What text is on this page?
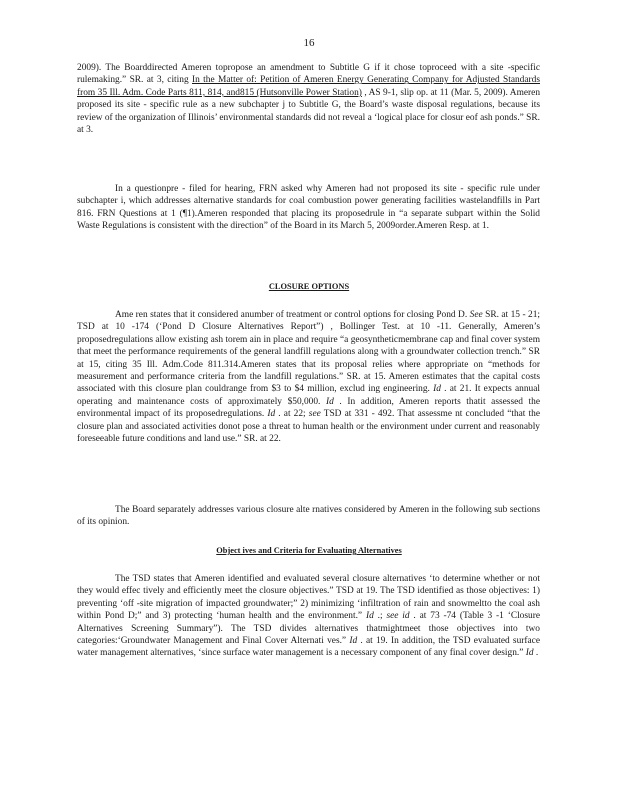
16

2009). The Boarddirected Ameren topropose an amendment to Subtitle G if it chose toproceed with a site -specific rulemaking.” SR. at 3, citing In the Matter of: Petition of Ameren Energy Generating Company for Adjusted Standards from 35 Ill. Adm. Code Parts 811, 814, and815 (Hutsonville Power Station) , AS 9-1, slip op. at 11 (Mar. 5, 2009). Ameren proposed its site - specific rule as a new subchapter j to Subtitle G, the Board’s waste disposal regulations, because its review of the organization of Illinois’ environmental standards did not reveal a ‘logical place for closur eof ash ponds.” SR. at 3.

In a questionpre - filed for hearing, FRN asked why Ameren had not proposed its site - specific rule under subchapter i, which addresses alternative standards for coal combustion power generating facilities wastelandfills in Part 816. FRN Questions at 1 (¶1).Ameren responded that placing its proposedrule in “a separate subpart within the Solid Waste Regulations is consistent with the direction” of the Board in its March 5, 2009order.Ameren Resp. at 1.

CLOSURE OPTIONS

Ame ren states that it considered anumber of treatment or control options for closing Pond D. See SR. at 15 - 21; TSD at 10 -174 (‘Pond D Closure Alternatives Report”) , Bollinger Test. at 10 -11. Generally, Ameren’s proposedregulations allow existing ash torem ain in place and require “a geosyntheticmembrane cap and final cover system that meet the performance requirements of the general landfill regulations along with a groundwater collection trench.” SR at 15, citing 35 Ill. Adm.Code 811.314.Ameren states that its proposal relies where appropriate on “methods for measurement and performance criteria from the landfill regulations.” SR. at 15. Ameren estimates that the capital costs associated with this closure plan couldrange from $3 to $4 million, exclud ing engineering. Id . at 21. It expects annual operating and maintenance costs of approximately $50,000. Id . In addition, Ameren reports thatit assessed the environmental impact of its proposedregulations. Id . at 22; see TSD at 331 - 492. That assessme nt concluded “that the closure plan and associated activities donot pose a threat to human health or the environment under current and reasonably foreseeable future conditions and land use.” SR. at 22.

The Board separately addresses various closure alte rnatives considered by Ameren in the following sub sections of its opinion.

Object ives and Criteria for Evaluating Alternatives

The TSD states that Ameren identified and evaluated several closure alternatives ‘to determine whether or not they would effec tively and efficiently meet the closure objectives.” TSD at 19. The TSD identified as those objectives: 1) preventing ‘off -site migration of impacted groundwater;” 2) minimizing ‘infiltration of rain and snowmeltto the coal ash within Pond D;” and 3) protecting ‘human health and the environment.” Id .; see id . at 73 -74 (Table 3 -1 ‘Closure Alternatives Screening Summary”). The TSD divides alternatives thatmightmeet those objectives into two categories:‘Groundwater Management and Final Cover Alternati ves.” Id . at 19. In addition, the TSD evaluated surface water management alternatives, ‘since surface water management is a necessary component of any final cover design.” Id .
